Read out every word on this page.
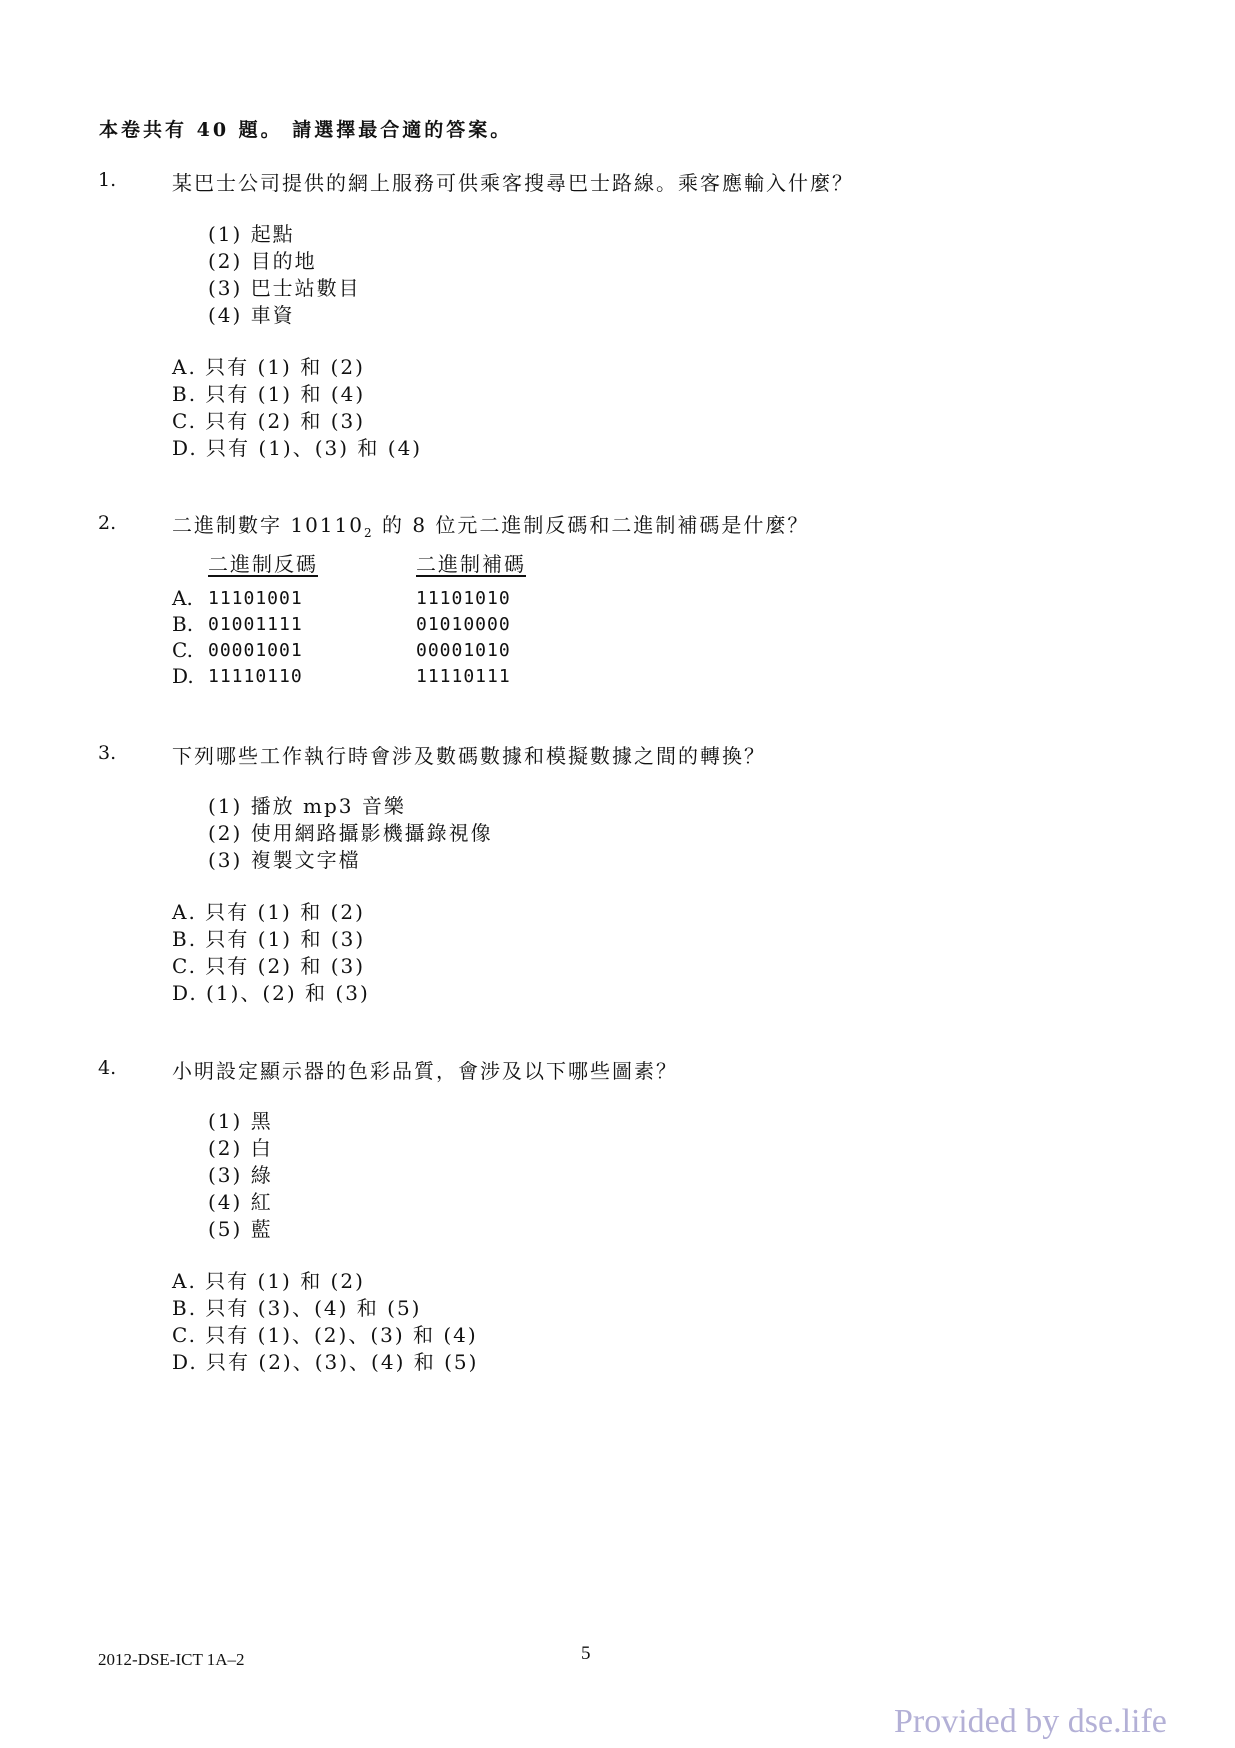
本卷共有 40 題。 請選擇最合適的答案。
1.	某巴士公司提供的網上服務可供乘客搜尋巴士路線。乘客應輸入什麼？
(1) 起點
(2) 目的地
(3) 巴士站數目
(4) 車資
A. 只有 (1) 和 (2)
B. 只有 (1) 和 (4)
C. 只有 (2) 和 (3)
D. 只有 (1)、(3) 和 (4)
2.	二進制數字 $10110_2$ 的 8 位元二進制反碼和二進制補碼是什麼？
二進制反碼	二進制補碼
A. 11101001	11101010
B. 01001111	01010000
C. 00001001	00001010
D. 11110110	11110111
3.	下列哪些工作執行時會涉及數碼數據和模擬數據之間的轉換？
(1) 播放 mp3 音樂
(2) 使用網路攝影機攝錄視像
(3) 複製文字檔
A. 只有 (1) 和 (2)
B. 只有 (1) 和 (3)
C. 只有 (2) 和 (3)
D. (1)、(2) 和 (3)
4.	小明設定顯示器的色彩品質，會涉及以下哪些圖素？
(1) 黑
(2) 白
(3) 綠
(4) 紅
(5) 藍
A. 只有 (1) 和 (2)
B. 只有 (3)、(4) 和 (5)
C. 只有 (1)、(2)、(3) 和 (4)
D. 只有 (2)、(3)、(4) 和 (5)
2012-DSE-ICT 1A–2	5
Provided by dse.life
